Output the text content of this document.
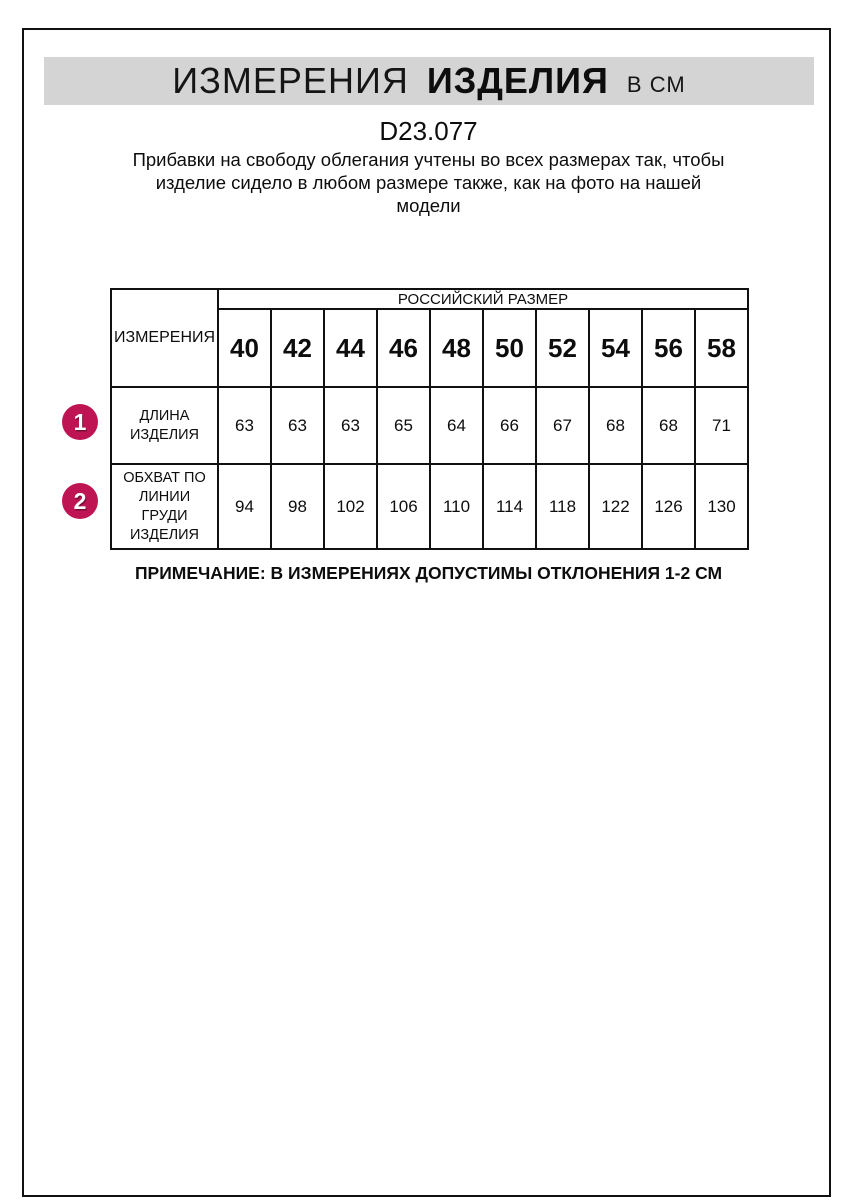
ИЗМЕРЕНИЯ ИЗДЕЛИЯ В СМ
D23.077
Прибавки на свободу облегания учтены во всех размерах так, чтобы
изделие сидело в любом размере также, как на фото на нашей
модели
ИЗМЕРЕНИЯ	РОССИЙСКИЙ РАЗМЕР									
	40	42	44	46	48	50	52	54	56	58
ДЛИНА ИЗДЕЛИЯ	63	63	63	65	64	66	67	68	68	71
ОБХВАТ ПО ЛИНИИ ГРУДИ ИЗДЕЛИЯ	94	98	102	106	110	114	118	122	126	130
1
2
ПРИМЕЧАНИЕ: В ИЗМЕРЕНИЯХ ДОПУСТИМЫ ОТКЛОНЕНИЯ 1-2 СМ
